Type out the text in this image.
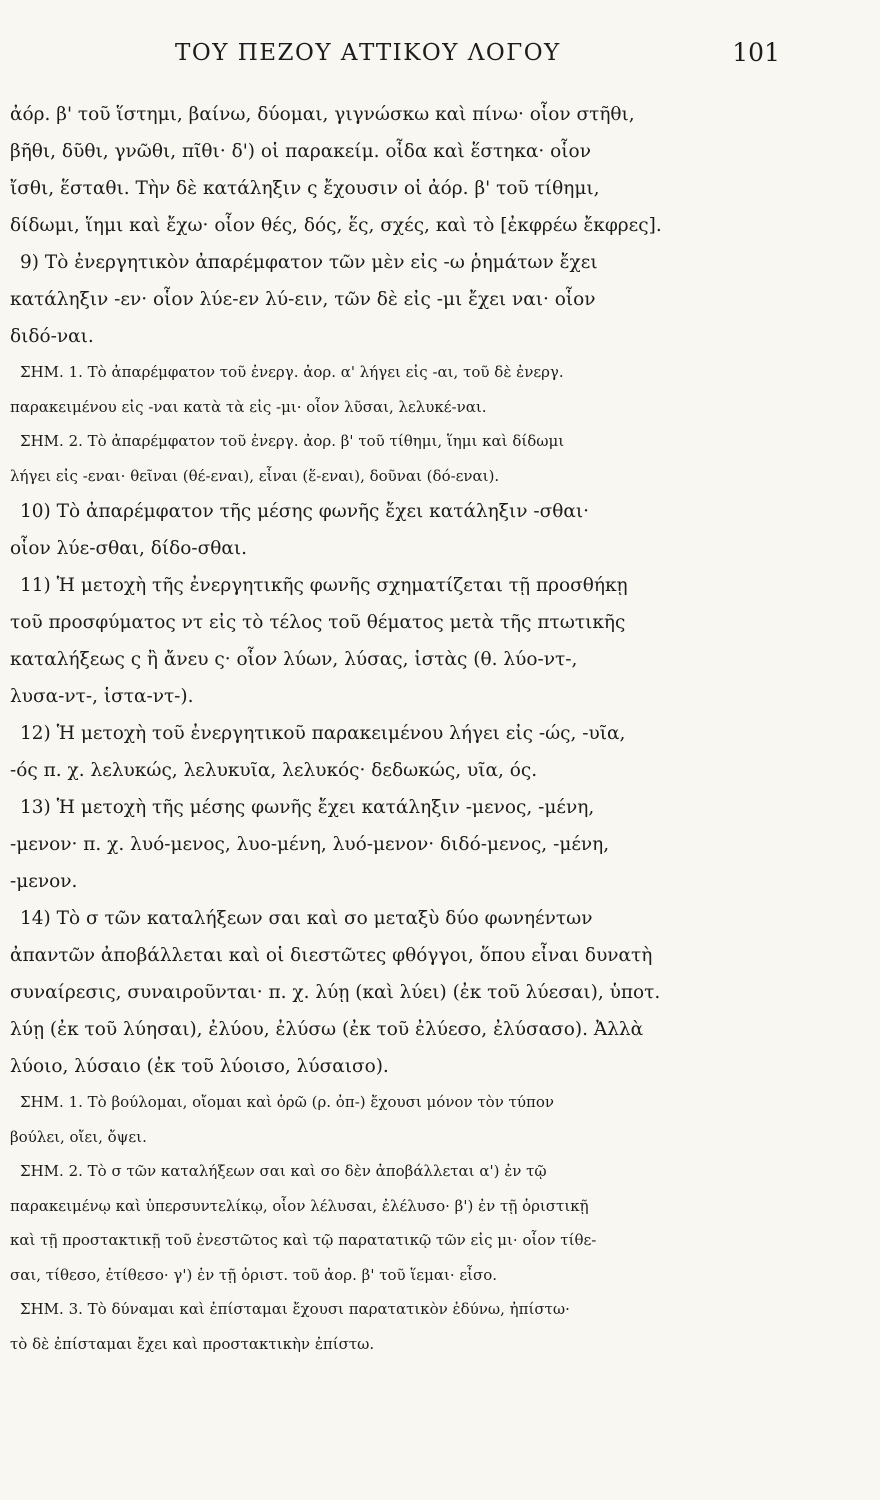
ΤΟΥ ΠΕΖΟΥ ΑΤΤΙΚΟΥ ΛΟΓΟΥ	101
ἀόρ. β' τοῦ ἵστημι, βαίνω, δύομαι, γιγνώσκω καὶ πίνω· οἷον στῆθι,
βῆθι, δῦθι, γνῶθι, πῖθι· δ') οἱ παρακείμ. οἶδα καὶ ἕστηκα· οἷον
ἴσθι, ἕσταθι. Τὴν δὲ κατάληξιν ς ἔχουσιν οἱ ἀόρ. β' τοῦ τίθημι,
δίδωμι, ἵημι καὶ ἔχω· οἷον θές, δός, ἕς, σχές, καὶ τὸ [ἐκφρέω ἔκφρες].
9) Τὸ ἐνεργητικὸν ἀπαρέμφατον τῶν μὲν εἰς -ω ῥημάτων ἔχει
κατάληξιν -εν· οἷον λύε-εν λύ-ειν, τῶν δὲ εἰς -μι ἔχει ναι· οἷον
διδό-ναι.
ΣΗΜ. 1. Τὸ ἀπαρέμφατον τοῦ ἐνεργ. ἀορ. α' λήγει εἰς -αι, τοῦ δὲ ἐνεργ.
παρακειμένου εἰς -ναι κατὰ τὰ εἰς -μι· οἷον λῦσαι, λελυκέ-ναι.
ΣΗΜ. 2. Τὸ ἀπαρέμφατον τοῦ ἐνεργ. ἀορ. β' τοῦ τίθημι, ἵημι καὶ δίδωμι
λήγει εἰς -εναι· θεῖναι (θέ-εναι), εἶναι (ἕ-εναι), δοῦναι (δό-εναι).
10) Τὸ ἀπαρέμφατον τῆς μέσης φωνῆς ἔχει κατάληξιν -σθαι·
οἷον λύε-σθαι, δίδο-σθαι.
11) Ἡ μετοχὴ τῆς ἐνεργητικῆς φωνῆς σχηματίζεται τῇ προσθήκῃ
τοῦ προσφύματος ντ εἰς τὸ τέλος τοῦ θέματος μετὰ τῆς πτωτικῆς
καταλήξεως ς ἢ ἄνευ ς· οἷον λύων, λύσας, ἱστὰς (θ. λύο-ντ-,
λυσα-ντ-, ἱστα-ντ-).
12) Ἡ μετοχὴ τοῦ ἐνεργητικοῦ παρακειμένου λήγει εἰς -ώς, -υῖα,
-ός π. χ. λελυκώς, λελυκυῖα, λελυκός· δεδωκώς, υῖα, ός.
13) Ἡ μετοχὴ τῆς μέσης φωνῆς ἔχει κατάληξιν -μενος, -μένη,
-μενον· π. χ. λυό-μενος, λυο-μένη, λυό-μενον· διδό-μενος, -μένη,
-μενον.
14) Τὸ σ τῶν καταλήξεων σαι καὶ σο μεταξὺ δύο φωνηέντων
ἀπαντῶν ἀποβάλλεται καὶ οἱ διεστῶτες φθόγγοι, ὅπου εἶναι δυνατὴ
συναίρεσις, συναιροῦνται· π. χ. λύῃ (καὶ λύει) (ἐκ τοῦ λύεσαι), ὑποτ.
λύῃ (ἐκ τοῦ λύησαι), ἐλύου, ἐλύσω (ἐκ τοῦ ἐλύεσο, ἐλύσασο). Ἀλλὰ
λύοιο, λύσαιο (ἐκ τοῦ λύοισο, λύσαισο).
ΣΗΜ. 1. Τὸ βούλομαι, οἴομαι καὶ ὁρῶ (ρ. ὀπ-) ἔχουσι μόνον τὸν τύπον
βούλει, οἴει, ὄψει.
ΣΗΜ. 2. Τὸ σ τῶν καταλήξεων σαι καὶ σο δὲν ἀποβάλλεται α') ἐν τῷ
παρακειμένῳ καὶ ὑπερσυντελίκῳ, οἷον λέλυσαι, ἐλέλυσο· β') ἐν τῇ ὁριστικῇ
καὶ τῇ προστακτικῇ τοῦ ἐνεστῶτος καὶ τῷ παρατατικῷ τῶν εἰς μι· οἷον τίθε-
σαι, τίθεσο, ἐτίθεσο· γ') ἐν τῇ ὁριστ. τοῦ ἀορ. β' τοῦ ἵεμαι· εἶσο.
ΣΗΜ. 3. Τὸ δύναμαι καὶ ἐπίσταμαι ἔχουσι παρατατικὸν ἐδύνω, ἠπίστω·
τὸ δὲ ἐπίσταμαι ἔχει καὶ προστακτικὴν ἐπίστω.
